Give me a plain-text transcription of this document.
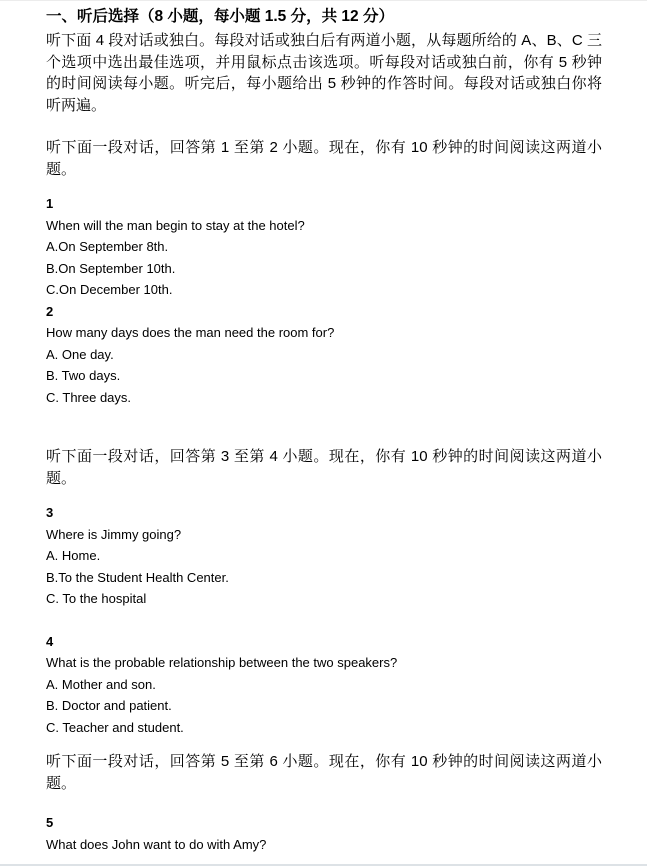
一、听后选择（8 小题，每小题 1.5 分，共 12 分）

听下面 4 段对话或独白。每段对话或独白后有两道小题，从每题所给的 A、B、C 三个选项中选出最佳选项，并用鼠标点击该选项。听每段对话或独白前，你有 5 秒钟的时间阅读每小题。听完后，每小题给出 5 秒钟的作答时间。每段对话或独白你将听两遍。

听下面一段对话，回答第 1 至第 2 小题。现在，你有 10 秒钟的时间阅读这两道小题。

1
When will the man begin to stay at the hotel?
A.On September 8th.
B.On September 10th.
C.On December 10th.
2
How many days does the man need the room for?
A. One day.
B. Two days.
C. Three days.

听下面一段对话，回答第 3 至第 4 小题。现在，你有 10 秒钟的时间阅读这两道小题。

3
Where is Jimmy going?
A. Home.
B.To the Student Health Center.
C. To the hospital
4
What is the probable relationship between the two speakers?
A. Mother and son.
B. Doctor and patient.
C. Teacher and student.

听下面一段对话，回答第 5 至第 6 小题。现在，你有 10 秒钟的时间阅读这两道小题。

5
What does John want to do with Amy?
